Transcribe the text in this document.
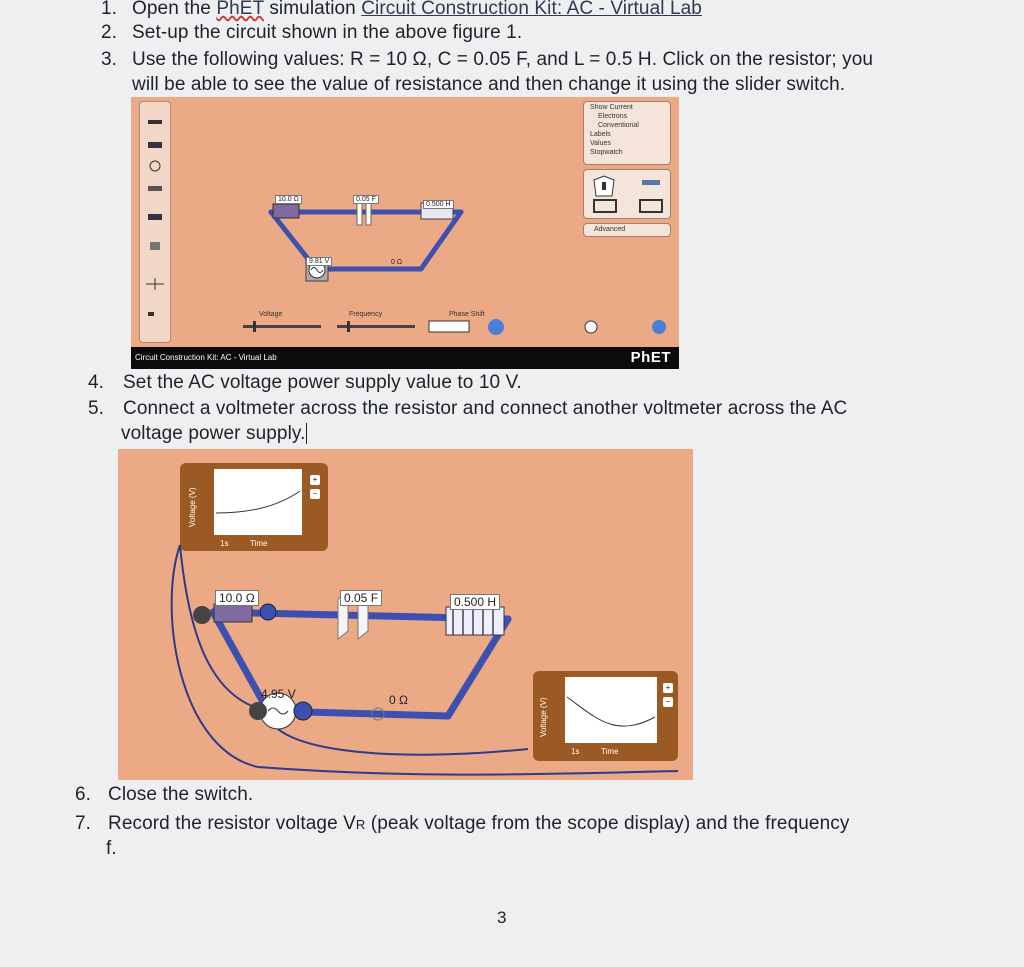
1. Open the PhET simulation Circuit Construction Kit: AC - Virtual Lab
2. Set-up the circuit shown in the above figure 1.
3. Use the following values: R = 10 Ω, C = 0.05 F, and L = 0.5 H. Click on the resistor; you
will be able to see the value of resistance and then change it using the slider switch.
Show Current
Electrons
Conventional
Labels
Values
Stopwatch
Advanced
10.0 Ω	0.05 F
0.500 H
9.81 V	0 Ω
Voltage	Frequency	Phase Shift
Circuit Construction Kit: AC - Virtual Lab	PhET
4. Set the AC voltage power supply value to 10 V.
5. Connect a voltmeter across the resistor and connect another voltmeter across the AC
voltage power supply.
Voltage (V)
1s	Time
+
−
Voltage (V)
1s	Time
+
−
10.0 Ω	0.05 F	0.500 H
4.95 V	0 Ω
6. Close the switch.
7. Record the resistor voltage VR (peak voltage from the scope display) and the frequency
f.
3
